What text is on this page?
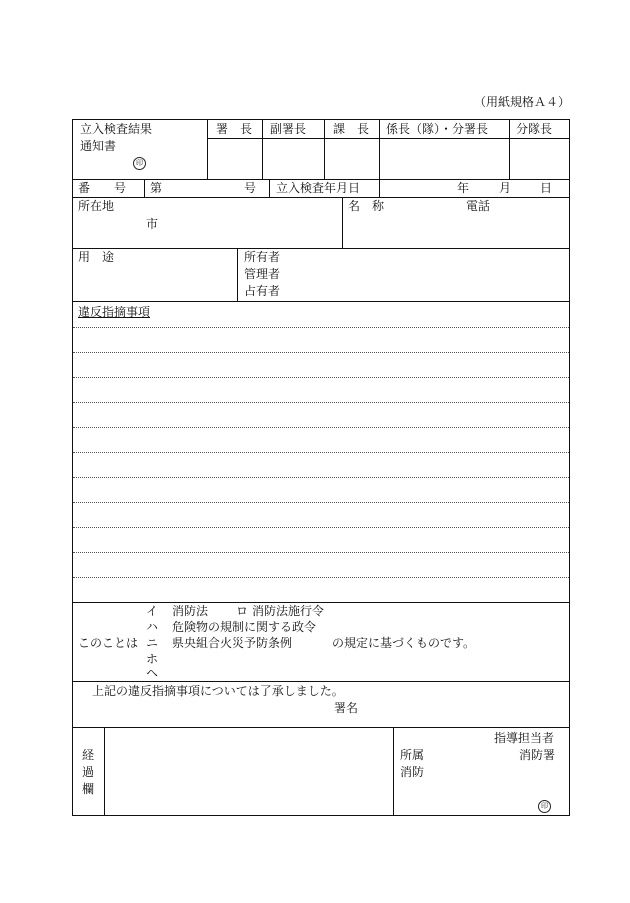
（用紙規格Ａ４）
立入検査結果
通知書
印
署　長 副署長 課　長 係長（隊）・分署長 分隊長
番　　号 第	号 立入検査年月日	年 月 日
所在地
市
名　称	電話
用　途	所有者
管理者
占有者
違反指摘事項
イ 消防法 ロ 消防法施行令
ハ 危険物の規制に関する政令
このことは ニ 県央組合火災予防条例	の規定に基づくものです。
ホ
ヘ
上記の違反指摘事項については了承しました。
署名
経
過
欄
指導担当者
所属	消防署
消防
印
